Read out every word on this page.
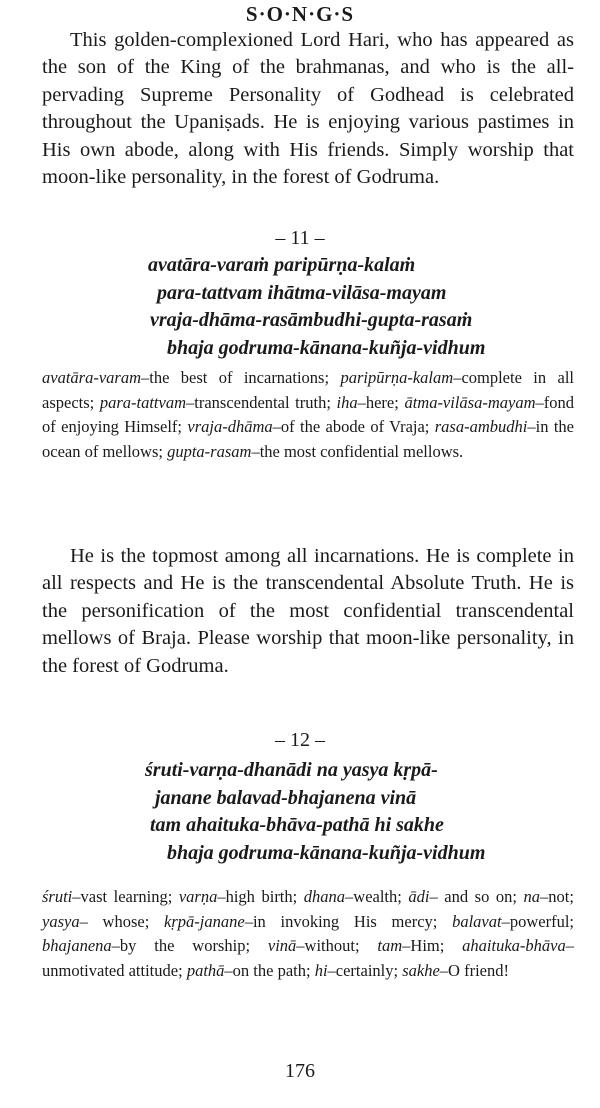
S·O·N·G·S

This golden-complexioned Lord Hari, who has appeared as the son of the King of the brahmanas, and who is the all-pervading Supreme Personality of Godhead is celebrated throughout the Upaniṣads. He is enjoying various pastimes in His own abode, along with His friends. Simply worship that moon-like personality, in the forest of Godruma.

– 11 –
avatāra-varaṁ paripūrṇa-kalaṁ
para-tattvam ihātma-vilāsa-mayam
vraja-dhāma-rasāmbudhi-gupta-rasaṁ
bhaja godruma-kānana-kuñja-vidhum
avatāra-varam–the best of incarnations; paripūrṇa-kalam–complete in all aspects; para-tattvam–transcendental truth; iha–here; ātma-vilāsa-mayam–fond of enjoying Himself; vraja-dhāma–of the abode of Vraja; rasa-ambudhi–in the ocean of mellows; gupta-rasam–the most confidential mellows.

He is the topmost among all incarnations. He is complete in all respects and He is the transcendental Absolute Truth. He is the personification of the most confidential transcendental mellows of Braja. Please worship that moon-like personality, in the forest of Godruma.

– 12 –
śruti-varṇa-dhanādi na yasya kṛpā-
janane balavad-bhajanena vinā
tam ahaituka-bhāva-pathā hi sakhe
bhaja godruma-kānana-kuñja-vidhum
śruti–vast learning; varṇa–high birth; dhana–wealth; ādi– and so on; na–not; yasya– whose; kṛpā-janane–in invoking His mercy; balavat–powerful; bhajanena–by the worship; vinā–without; tam–Him; ahaituka-bhāva–unmotivated attitude; pathā–on the path; hi–certainly; sakhe–O friend!
176
